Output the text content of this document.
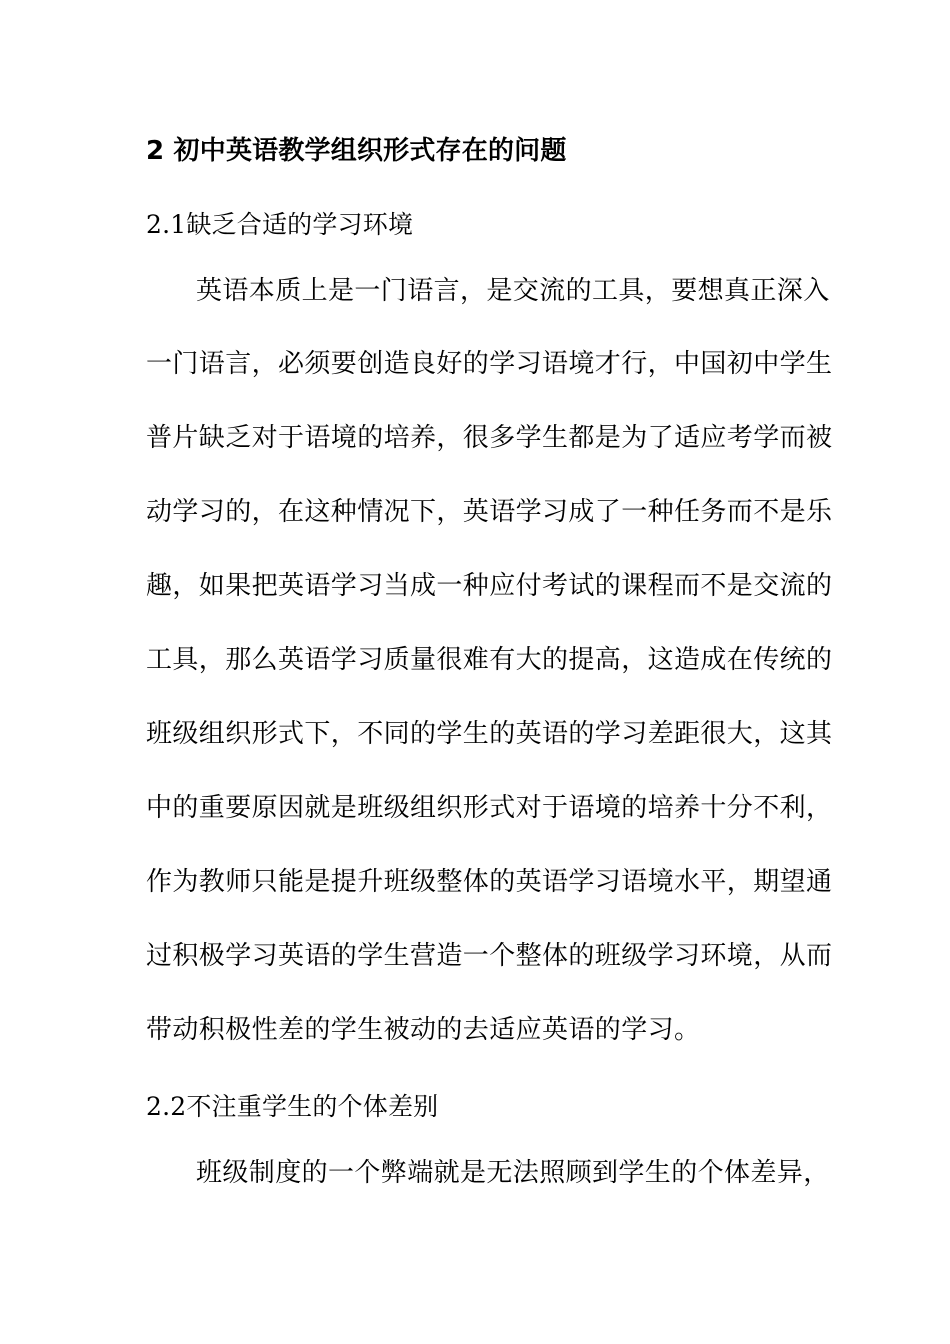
2 初中英语教学组织形式存在的问题
2.1缺乏合适的学习环境
英语本质上是一门语言，是交流的工具，要想真正深入
一门语言，必须要创造良好的学习语境才行，中国初中学生
普片缺乏对于语境的培养，很多学生都是为了适应考学而被
动学习的，在这种情况下，英语学习成了一种任务而不是乐
趣，如果把英语学习当成一种应付考试的课程而不是交流的
工具，那么英语学习质量很难有大的提高，这造成在传统的
班级组织形式下，不同的学生的英语的学习差距很大，这其
中的重要原因就是班级组织形式对于语境的培养十分不利，
作为教师只能是提升班级整体的英语学习语境水平，期望通
过积极学习英语的学生营造一个整体的班级学习环境，从而
带动积极性差的学生被动的去适应英语的学习。
2.2不注重学生的个体差别
班级制度的一个弊端就是无法照顾到学生的个体差异，
